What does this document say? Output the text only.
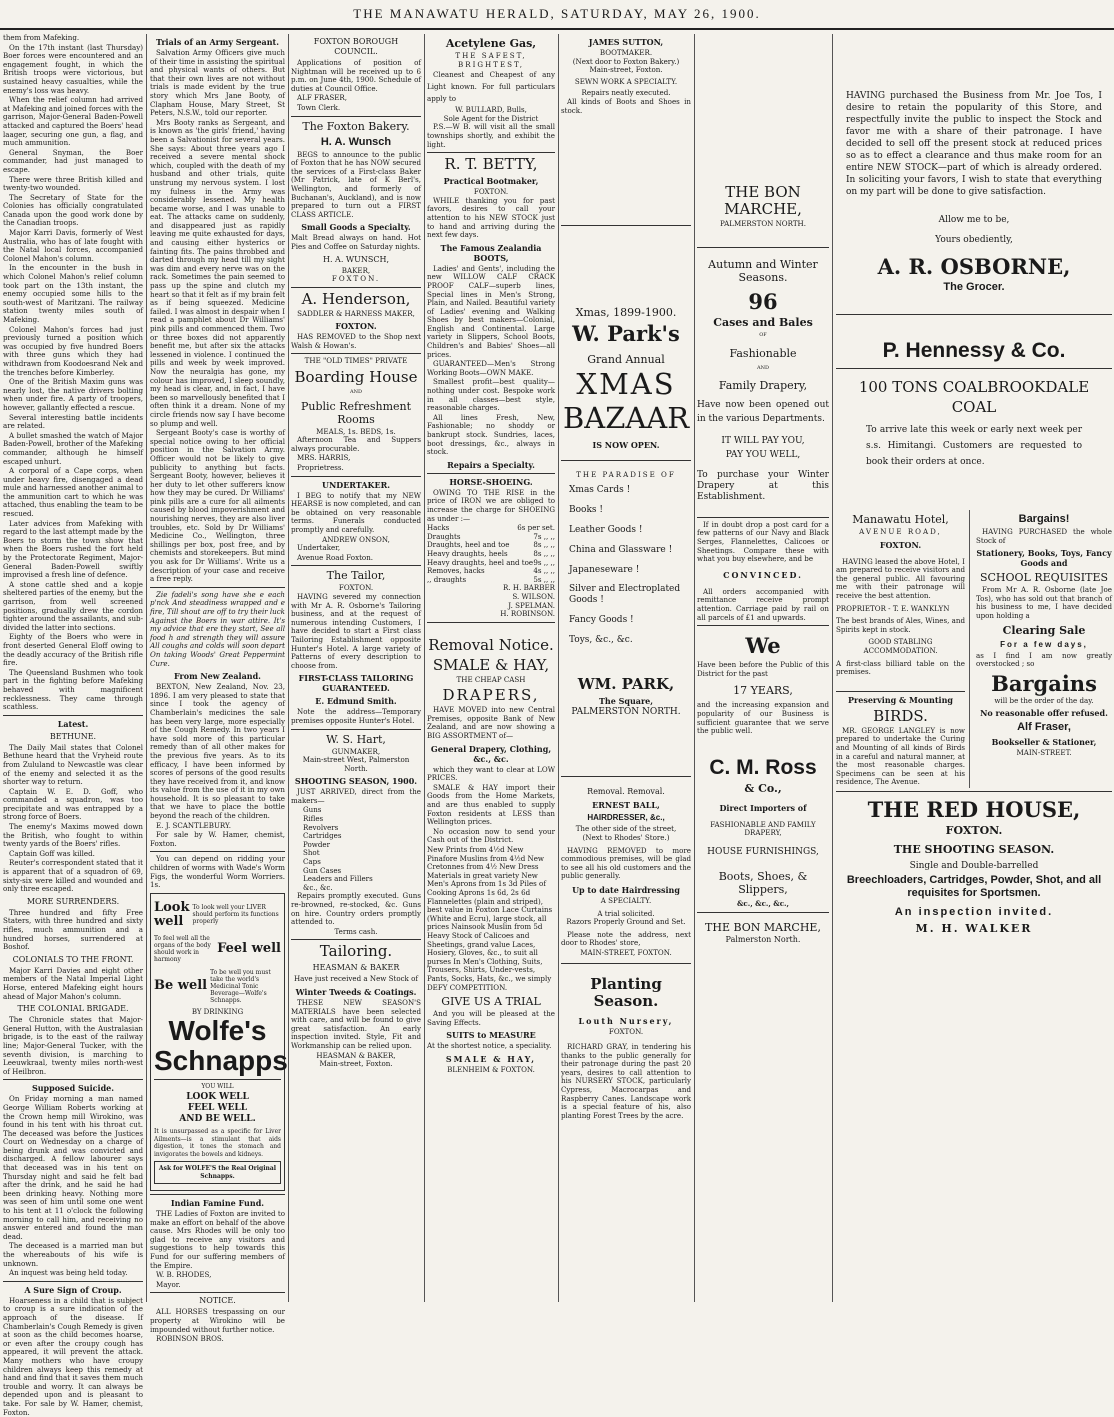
THE MANAWATU HERALD, SATURDAY, MAY 26, 1900.

them from Mafeking.

On the 17th instant (last Thursday) Boer forces were encountered and an engagement fought, in which the British troops were victorious, but sustained heavy casualties, while the enemy's loss was heavy.

When the relief column had arrived at Mafeking and joined forces with the garrison, Major-General Baden-Powell attacked and captured the Boers' head laager, securing one gun, a flag, and much ammunition.

General Snyman, the Boer commander, had just managed to escape.

There were three British killed and twenty-two wounded.

The Secretary of State for the Colonies has officially congratulated Canada upon the good work done by the Canadian troops.

Major Karri Davis, formerly of West Australia, who has of late fought with the Natal local forces, accompanied Colonel Mahon's column.

In the encounter in the bush in which Colonel Mahon's relief column took part on the 13th instant, the enemy occupied some hills to the south-west of Maritzani. The railway station twenty miles south of Mafeking.

Colonel Mahon's forces had just previously turned a position which was occupied by five hundred Boers with three guns which they had withdrawn from Koodoesrand Nek and the trenches before Kimberley.

One of the British Maxim guns was nearly lost, the native drivers bolting when under fire. A party of troopers, however, gallantly effected a rescue.

Several interesting battle incidents are related.

A bullet smashed the watch of Major Baden-Powell, brother of the Mafeking commander, although he himself escaped unhurt.

A corporal of a Cape corps, when under heavy fire, disengaged a dead mule and harnessed another animal to the ammunition cart to which he was attached, thus enabling the team to be rescued.

Later advices from Mafeking with regard to the last attempt made by the Boers to storm the town show that when the Boers rushed the fort held by the Protectorate Regiment, Major-General Baden-Powell swiftly improvised a fresh line of defence.

A stone cattle shed and a kopje sheltered parties of the enemy, but the garrison, from well screened positions, gradually drew the cordon tighter around the assailants, and sub-divided the latter into sections.

Eighty of the Boers who were in front deserted General Eloff owing to the deadly accuracy of the British rifle fire.

The Queensland Bushmen who took part in the fighting before Mafeking behaved with magnificent recklessness. They came through scathless.

Latest.
BETHUNE.

The Daily Mail states that Colonel Bethune heard that the Vryheid route from Zululand to Newcastle was clear of the enemy and selected it as the shorter way to return.

Captain W. E. D. Goff, who commanded a squadron, was too precipitate and was entrapped by a strong force of Boers.

The enemy's Maxims mowed down the British, who fought to within twenty yards of the Boers' rifles.

Captain Goff was killed.

Reuter's correspondent stated that it is apparent that of a squadron of 69, sixty-six were killed and wounded and only three escaped.

MORE SURRENDERS.

Three hundred and fifty Free Staters, with three hundred and sixty rifles, much ammunition and a hundred horses, surrendered at Boshof.

COLONIALS TO THE FRONT.

Major Karri Davies and eight other members of the Natal Imperial Light Horse, entered Mafeking eight hours ahead of Major Mahon's column.

THE COLONIAL BRIGADE.

The Chronicle states that Major-General Hutton, with the Australasian brigade, is to the east of the railway line; Major-General Tucker, with the seventh division, is marching to Leeuwkraal, twenty miles north-west of Heilbron.

Supposed Suicide.

On Friday morning a man named George William Roberts working at the Crown hemp mill Wirokino, was found in his tent with his throat cut. The deceased was before the Justices Court on Wednesday on a charge of being drunk and was convicted and discharged. A fellow labourer says that deceased was in his tent on Thursday night and said he felt bad after the drink, and he said he had been drinking heavy. Nothing more was seen of him until some one went to his tent at 11 o'clock the following morning to call him, and receiving no answer entered and found the man dead.

The deceased is a married man but the whereabouts of his wife is unknown.

An inquest was being held today.

A Sure Sign of Croup.

Hoarseness in a child that is subject to croup is a sure indication of the approach of the disease. If Chamberlain's Cough Remedy is given at soon as the child becomes hoarse, or even after the croupy cough has appeared, it will prevent the attack. Many mothers who have croupy children always keep this remedy at hand and find that it saves them much trouble and worry. It can always be depended upon and is pleasant to take. For sale by W. Hamer, chemist, Foxton.

Trials of an Army Sergeant.

Salvation Army Officers give much of their time in assisting the spiritual and physical wants of others. But that their own lives are not without trials is made evident by the true story which Mrs Jane Booty, of Clapham House, Mary Street, St Peters, N.S.W., told our reporter.

Mrs Booty ranks as Sergeant, and is known as 'the girls' friend,' having been a Salvationist for several years. She says: About three years ago I received a severe mental shock which, coupled with the death of my husband and other trials, quite unstrung my nervous system. I lost my fulness in the Army was considerably lessened. My health became worse, and I was unable to eat. The attacks came on suddenly, and disappeared just as rapidly leaving me quite exhausted for days, and causing either hysterics or fainting fits. The pains throbbed and darted through my head till my sight was dim and every nerve was on the rack. Sometimes the pain seemed to pass up the spine and clutch my heart so that it felt as if my brain felt as if being squeezed. Medicine failed. I was almost in despair when I read a pamphlet about Dr Williams' pink pills and commenced them. Two or three boxes did not apparently benefit me, but after six the attacks lessened in violence. I continued the pills and week by week improved. Now the neuralgia has gone, my colour has improved, I sleep soundly, my head is clear, and, in fact, I have been so marvellously benefited that I often think it a dream. None of my circle friends now say I have become so plump and well.

Sergeant Booty's case is worthy of special notice owing to her official position in the Salvation Army. Officer would not be likely to give publicity to anything but facts. Sergeant Booty, however, believes it her duty to let other sufferers know how they may be cured. Dr Williams' pink pills are a cure for all ailments caused by blood impoverishment and nourishing nerves, they are also liver troubles, etc. Sold by Dr Williams' Medicine Co., Wellington, three shillings per box, post free, and by chemists and storekeepers. But mind you ask for Dr Williams'. Write us a description of your case and receive a free reply.

Zie fadeli's song have she e each p'nck And steadiness wrapped and e fire, Till shout are off to try their luck Against the Boers in war attire. It's my advice that ere they start, See all food h and strength they will assure All coughs and colds will soon depart On taking Woods' Great Peppermint Cure.

From New Zealand.

BEXTON, New Zealand, Nov. 23, 1896. I am very pleased to state that since I took the agency of Chamberlain's medicines the sale has been very large, more especially of the Cough Remedy. In two years I have sold more of this particular remedy than of all other makes for the previous five years. As to its efficacy, I have been informed by scores of persons of the good results they have received from it, and know its value from the use of it in my own household. It is so pleasant to take that we have to place the bottle beyond the reach of the children.

E. J. SCANTLEBURY.

For sale by W. Hamer, chemist, Foxton.

You can depend on ridding your children of worms with Wade's Worm Figs, the wonderful Worm Worriers. 1s.

Look well
To look well your LIVER should perform its functions properly
To feel well all the organs of the body should work in harmony
Feel well
Be well
To be well you must take the world's Medicinal Tonic Beverage—Wolfe's Schnapps.
BY DRINKING
Wolfe's
Schnapps
YOU WILL
LOOK WELL
FEEL WELL
AND BE WELL.

It is unsurpassed as a specific for Liver Ailments—is a stimulant that aids digestion, it tones the stomach and invigorates the bowels and kidneys.

Ask for WOLFE'S the Real Original Schnapps.
Indian Famine Fund.

THE Ladies of Foxton are invited to make an effort on behalf of the above cause. Mrs Rhodes will be only too glad to receive any visitors and suggestions to help towards this Fund for our suffering members of the Empire.

W. B. RHODES,

Mayor.

NOTICE.

ALL HORSES trespassing on our property at Wirokino will be impounded without further notice.

ROBINSON BROS.

FOXTON BOROUGH COUNCIL.

Applications of position of Nightman will be received up to 6 p.m. on June 4th, 1900. Schedule of duties at Council Office.

ALF FRASER,

Town Clerk.

The Foxton Bakery.
H. A. Wunsch

BEGS to announce to the public of Foxton that he has NOW secured the services of a First-class Baker (Mr Patrick, late of K Berl's, Wellington, and formerly of Buchanan's, Auckland), and is now prepared to turn out a FIRST CLASS ARTICLE.

Small Goods a Specialty.

Malt Bread always on hand. Hot Pies and Coffee on Saturday nights.

H. A. WUNSCH,
BAKER,
FOXTON.
A. Henderson,
SADDLER & HARNESS MAKER,
FOXTON.

HAS REMOVED to the Shop next Walsh & Howan's.

THE "OLD TIMES" PRIVATE
Boarding House
AND
Public Refreshment Rooms
MEALS, 1s. BEDS, 1s.

Afternoon Tea and Suppers always procurable.

MRS. HARRIS,

Proprietress.

UNDERTAKER.

I BEG to notify that my NEW HEARSE is now completed, and can be obtained on very reasonable terms. Funerals conducted promptly and carefully.

ANDREW ONSON,

Undertaker,

Avenue Road Foxton.

The Tailor,
FOXTON.

HAVING severed my connection with Mr A. R. Osborne's Tailoring business, and at the request of numerous intending Customers, I have decided to start a First class Tailoring Establishment opposite Hunter's Hotel. A large variety of Patterns of every description to choose from.

FIRST-CLASS TAILORING GUARANTEED.
E. Edmund Smith.

Note the address—Temporary premises opposite Hunter's Hotel.

W. S. Hart,
GUNMAKER,
Main-street West, Palmerston North.
SHOOTING SEASON, 1900.

JUST ARRIVED, direct from the makers—

Guns
Rifles
Revolvers
Cartridges
Powder
Shot
Caps
Gun Cases
Leaders and Fillers
&c., &c.

Repairs promptly executed. Guns re-browned, re-stocked, &c. Guns on hire. Country orders promptly attended to.

Terms cash.
Tailoring.
HEASMAN & BAKER
Have just received a New Stock of
Winter Tweeds & Coatings.

THESE NEW SEASON'S MATERIALS have been selected with care, and will be found to give great satisfaction. An early inspection invited. Style, Fit and Workmanship can be relied upon.

HEASMAN & BAKER,
Main-street, Foxton.
Acetylene Gas,
THE SAFEST, BRIGHTEST,

Cleanest and Cheapest of any Light known. For full particulars apply to

W. BULLARD, Bulls,
Sole Agent for the District

P.S.—W B. will visit all the small townships shortly, and exhibit the light.

R. T. BETTY,
Practical Bootmaker,
FOXTON.

WHILE thanking you for past favors, desires to call your attention to his NEW STOCK just to hand and arriving during the next few days.

The Famous Zealandia BOOTS,

Ladies' and Gents', including the new WILLOW CALF CRACK PROOF CALF—superb lines, Special lines in Men's Strong, Plain, and Nailed. Beautiful variety of Ladies' evening and Walking Shoes by best makers—Colonial, English and Continental. Large variety in Slippers, School Boots, Children's and Babies' Shoes—all prices.

GUARANTEED—Men's Strong Working Boots—OWN MAKE.

Smallest profit—best quality—nothing under cost. Bespoke work in all classes—best style, reasonable charges.

All lines Fresh, New, Fashionable; no shoddy or bankrupt stock. Sundries, laces, boot dressings, &c., always in stock.

Repairs a Specialty.
HORSE-SHOEING.

OWING TO THE RISE in the price of IRON we are obliged to increase the charge for SHOEING as under :—

Hacks	6s per set.
Draughts	7s ,, ,,
Draughts, heel and toe	8s ,, ,,
Heavy draughts, heels	8s ,, ,,
Heavy draughts, heel and toe 9s ,, ,,
Removes, hacks	4s ,, ,,
,, draughts	5s ,, ,,
R. H. BARBER
S. WILSON.
J. SPELMAN.
H. ROBINSON.
Removal Notice.
SMALE & HAY,
THE CHEAP CASH
DRAPERS,

HAVE MOVED into new Central Premises, opposite Bank of New Zealand, and are now showing a BIG ASSORTMENT of—

General Drapery, Clothing, &c., &c.

which they want to clear at LOW PRICES.

SMALE & HAY import their Goods from the Home Markets, and are thus enabled to supply Foxton residents at LESS than Wellington prices.

No occasion now to send your Cash out of the District.

New Prints from 4½d New Pinafore Muslins from 4½d New Cretonnes from 4½ New Dress Materials in great variety New Men's Aprons from 1s 3d Piles of Cooking Aprons 1s 6d, 2s 6d Flannelettes (plain and striped), best value in Foxton Lace Curtains (White and Ecru), large stock, all prices Nainsook Muslin from 5d Heavy Stock of Calicoes and Sheetings, grand value Laces, Hosiery, Gloves, &c., to suit all purses In Men's Clothing, Suits, Trousers, Shirts, Under-vests, Pants, Socks, Hats, &c., we simply DEFY COMPETITION.

GIVE US A TRIAL

And you will be pleased at the Saving Effects.

SUITS to MEASURE

At the shortest notice, a speciality.

SMALE & HAY,
BLENHEIM & FOXTON.
JAMES SUTTON,
BOOTMAKER.
(Next door to Foxton Bakery.)
Main-street, Foxton.
SEWN WORK A SPECIALTY.
Repairs neatly executed.

All kinds of Boots and Shoes in stock.

Xmas, 1899-1900.
W. Park's
Grand Annual
XMAS
BAZAAR
IS NOW OPEN.
THE PARADISE OF
Xmas Cards !
Books !
Leather Goods !
China and Glassware !
Japaneseware !
Silver and Electroplated Goods !
Fancy Goods !
Toys, &c., &c.
WM. PARK,
The Square,
PALMERSTON NORTH.
Removal. Removal.
ERNEST BALL,
HAIRDRESSER, &c.,
The other side of the street,
(Next to Rhodes' Store.)

HAVING REMOVED to more commodious premises, will be glad to see all his old customers and the public generally.

Up to date Hairdressing
A SPECIALTY.
A trial solicited.
Razors Properly Ground and Set.

Please note the address, next door to Rhodes' store,

MAIN-STREET, FOXTON.
Planting Season.
Louth Nursery,
FOXTON.

RICHARD GRAY, in tendering his thanks to the public generally for their patronage during the past 20 years, desires to call attention to his NURSERY STOCK, particularly Cypress, Macrocarpas and Raspberry Canes. Landscape work is a special feature of his, also planting Forest Trees by the acre.

THE BON MARCHE,
PALMERSTON NORTH.
Autumn and Winter Seasons.
96
Cases and Bales
OF
Fashionable
AND
Family Drapery,

Have now been opened out in the various Departments.

IT WILL PAY YOU,
PAY YOU WELL,

To purchase your Winter Drapery at this Establishment.

If in doubt drop a post card for a few patterns of our Navy and Black Serges, Flannelettes, Calicoes or Sheetings. Compare these with what you buy elsewhere, and be

CONVINCED.

All orders accompanied with remittance receive prompt attention. Carriage paid by rail on all parcels of £1 and upwards.

We

Have been before the Public of this District for the past

17 YEARS,

and the increasing expansion and popularity of our Business is sufficient guarantee that we serve the public well.

C. M. Ross
& Co.,
Direct Importers of
FASHIONABLE AND FAMILY DRAPERY,
HOUSE FURNISHINGS,
Boots, Shoes, & Slippers,
&c., &c., &c.,
THE BON MARCHE,
Palmerston North.

HAVING purchased the Business from Mr. Joe Tos, I desire to retain the popularity of this Store, and respectfully invite the public to inspect the Stock and favor me with a share of their patronage. I have decided to sell off the present stock at reduced prices so as to effect a clearance and thus make room for an entire NEW STOCK—part of which is already ordered. In soliciting your favors, I wish to state that everything on my part will be done to give satisfaction.

Allow me to be,
Yours obediently,
A. R. OSBORNE,
The Grocer.
P. Hennessy & Co.
100 TONS COALBROOKDALE
COAL

To arrive late this week or early next week per s.s. Himitangi. Customers are requested to book their orders at once.

Manawatu Hotel,
AVENUE ROAD,
FOXTON.

HAVING leased the above Hotel, I am prepared to receive visitors and the general public. All favouring me with their patronage will receive the best attention.

PROPRIETOR - T. E. WANKLYN

The best brands of Ales, Wines, and Spirits kept in stock.

GOOD STABLING ACCOMMODATION.

A first-class billiard table on the premises.

Preserving & Mounting
BIRDS.

MR. GEORGE LANGLEY is now prepared to undertake the Curing and Mounting of all kinds of Birds in a careful and natural manner, at the most reasonable charges. Specimens can be seen at his residence, The Avenue.

Bargains!

HAVING PURCHASED the whole Stock of

Stationery, Books, Toys, Fancy Goods and
SCHOOL REQUISITES

From Mr A. R. Osborne (late Joe Tos), who has sold out that branch of his business to me, I have decided upon holding a

Clearing Sale
For a few days,

as I find I am now greatly overstocked ; so

Bargains
will be the order of the day.
No reasonable offer refused.
Alf Fraser,
Bookseller & Stationer,
MAIN-STREET.
THE RED HOUSE,
FOXTON.
THE SHOOTING SEASON.
Single and Double-barrelled
Breechloaders, Cartridges, Powder, Shot, and all requisites for Sportsmen.
An inspection invited.
M. H. WALKER
